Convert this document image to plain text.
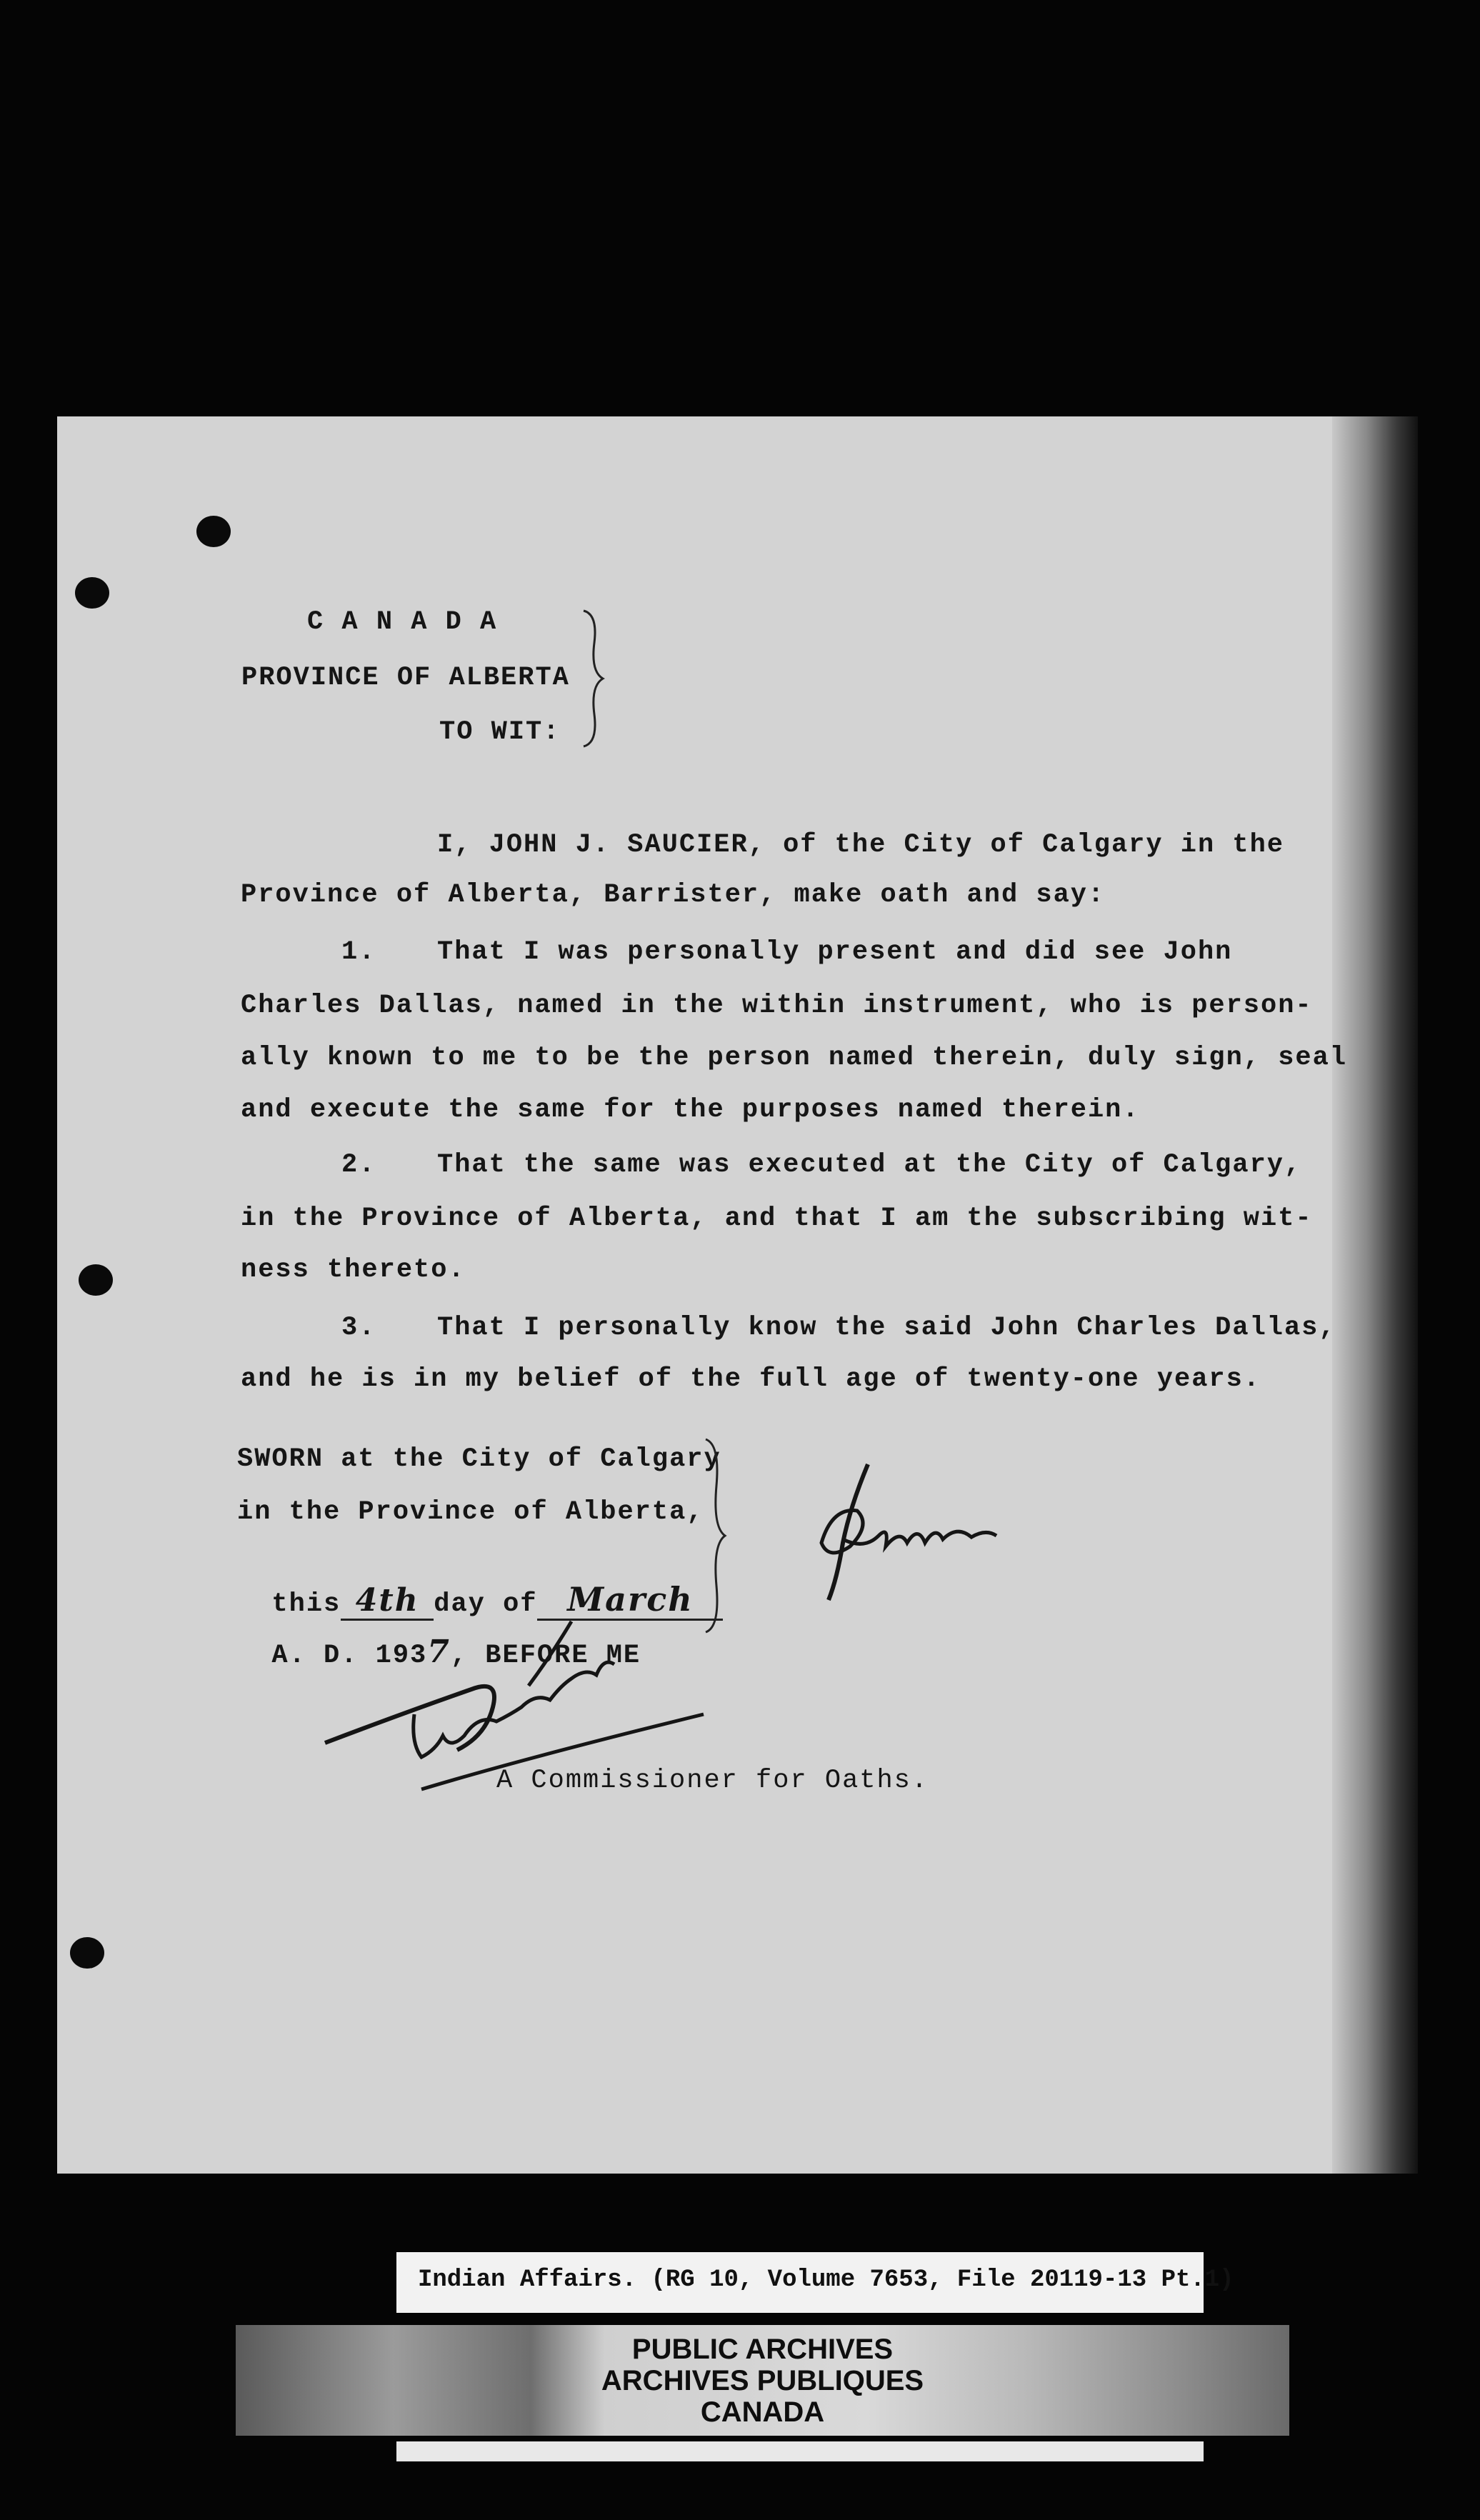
C A N A D A
PROVINCE OF ALBERTA
TO WIT:
I, JOHN J. SAUCIER, of the City of Calgary in the
Province of Alberta, Barrister, make oath and say:
1. That I was personally present and did see John
Charles Dallas, named in the within instrument, who is person-
ally known to me to be the person named therein, duly sign, seal
and execute the same for the purposes named therein.
2. That the same was executed at the City of Calgary,
in the Province of Alberta, and that I am the subscribing wit-
ness thereto.
3. That I personally know the said John Charles Dallas,
and he is in my belief of the full age of twenty-one years.
SWORN at the City of Calgary
in the Province of Alberta,

this 4th day of March

A. D. 1937, BEFORE ME

A Commissioner for Oaths.
Indian Affairs. (RG 10, Volume 7653, File 20119-13 Pt.1)
PUBLIC ARCHIVES
ARCHIVES PUBLIQUES
CANADA
